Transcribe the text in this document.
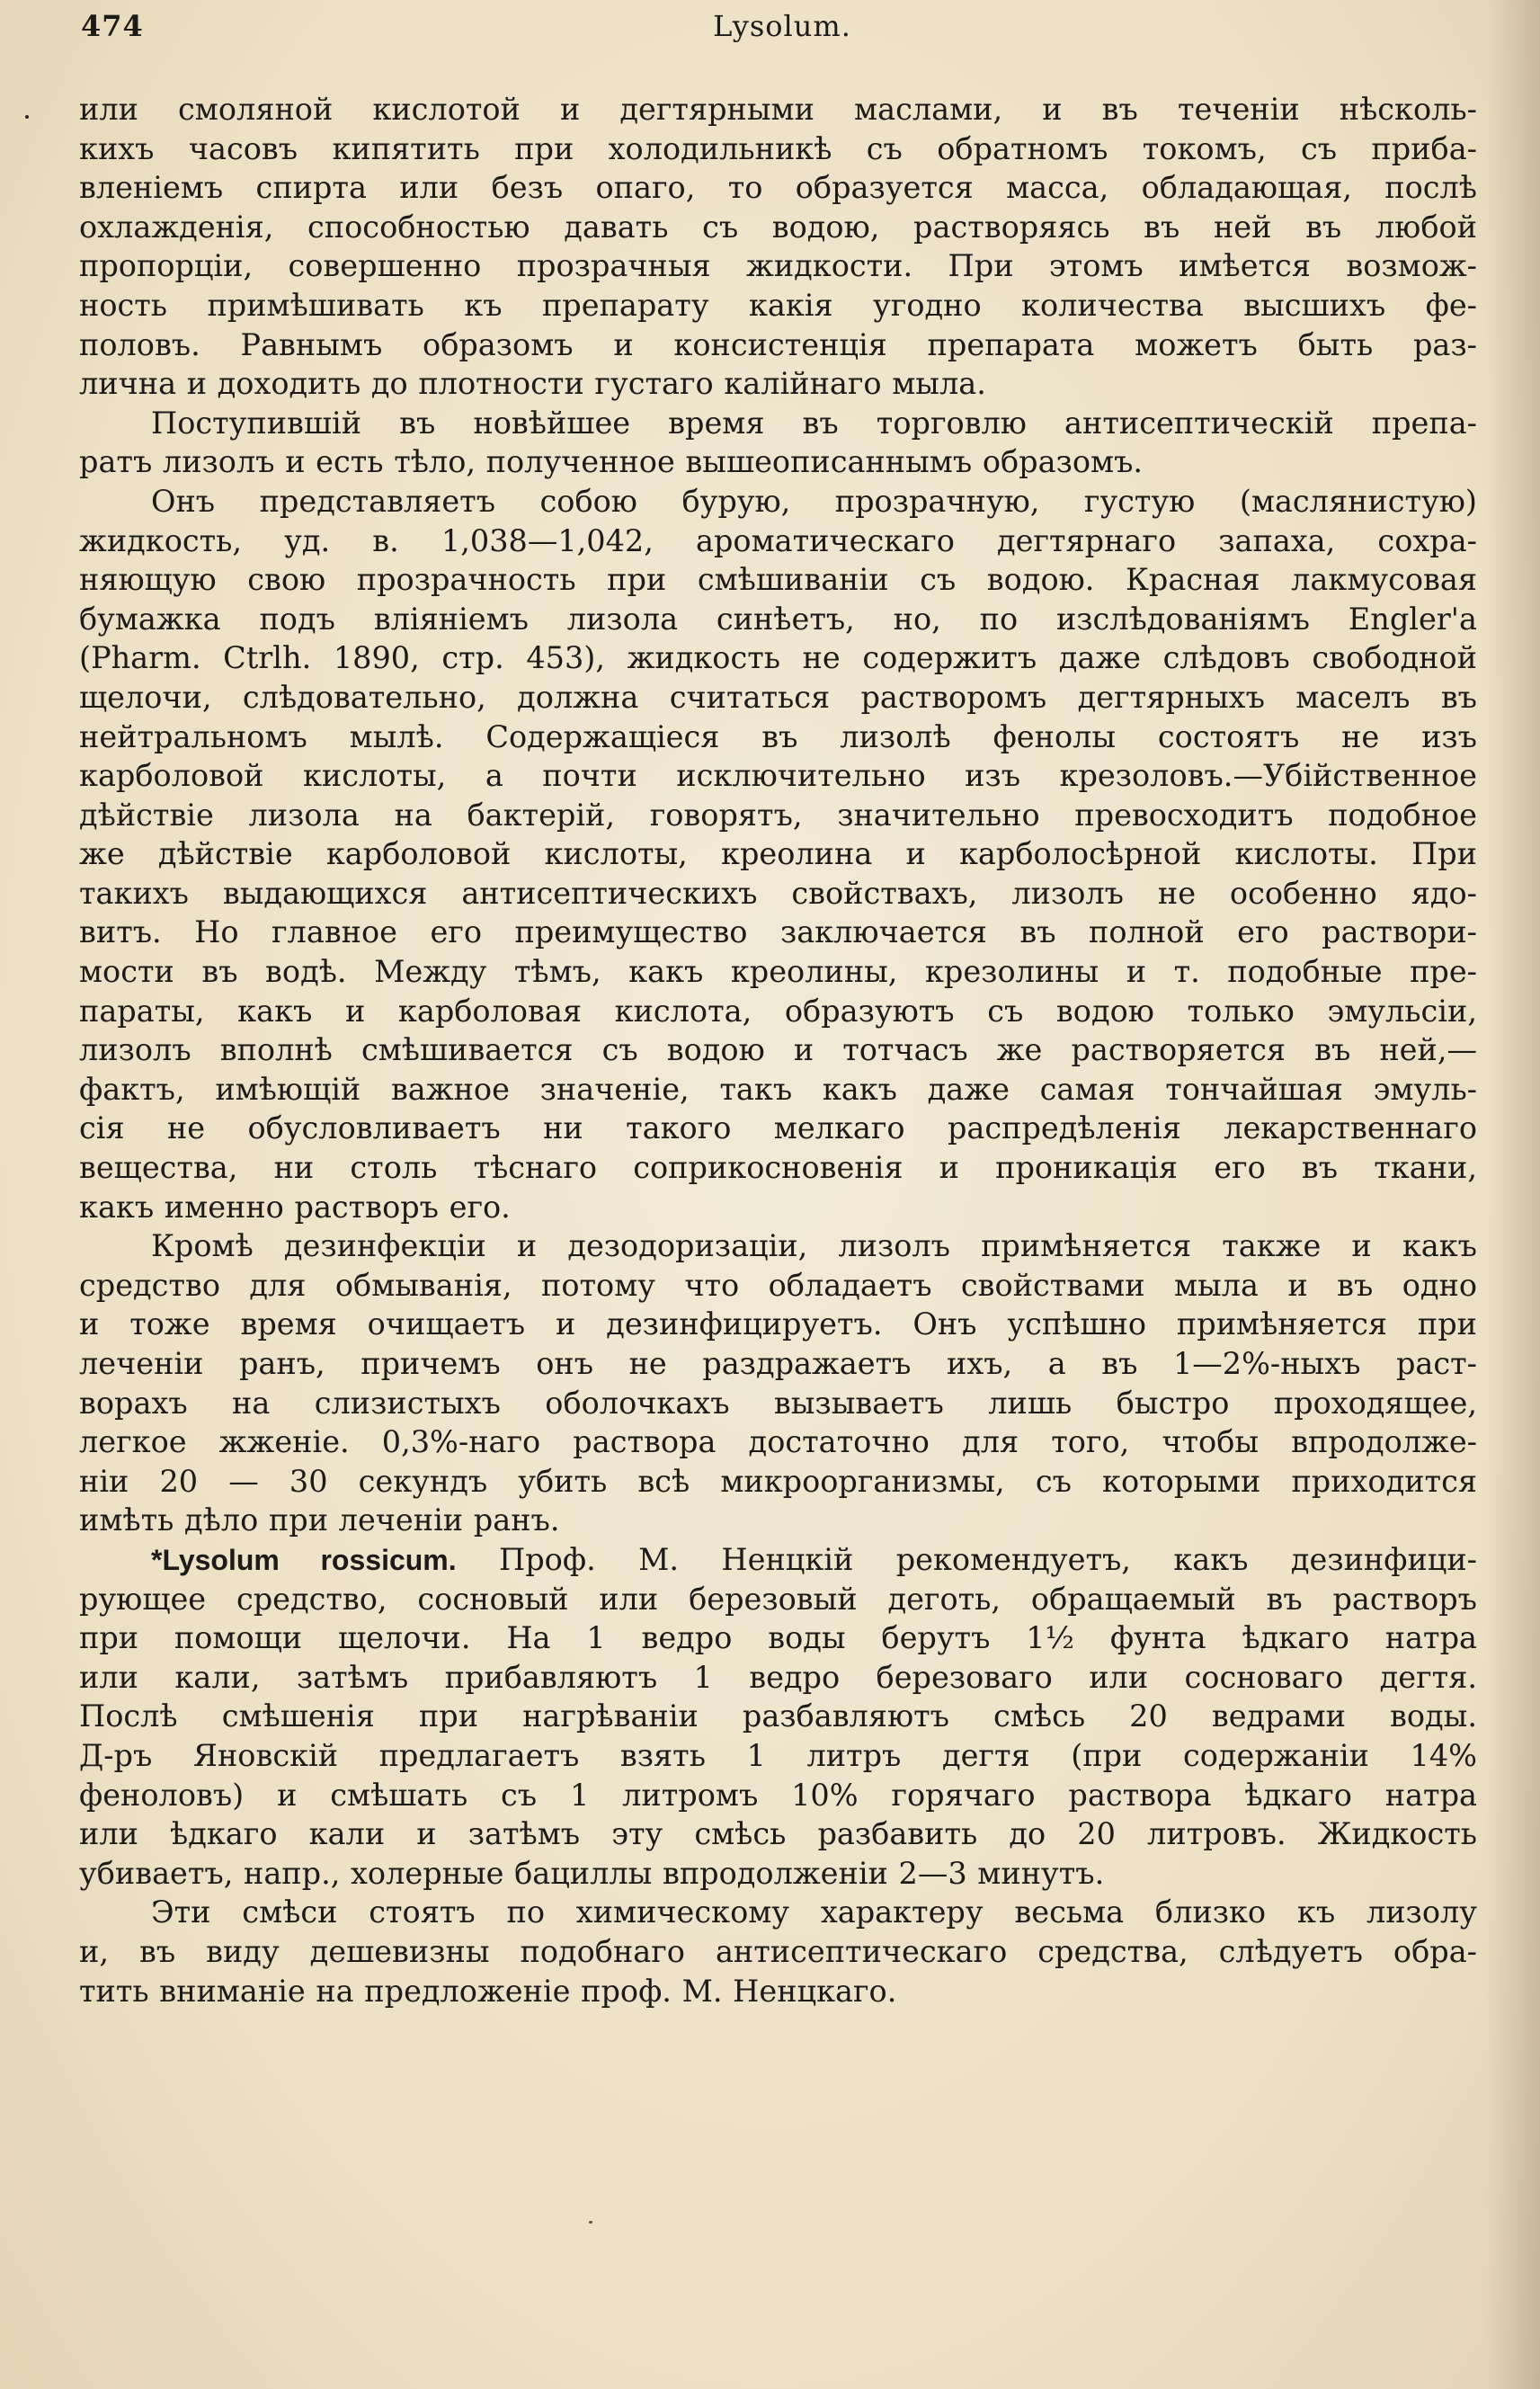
474	Lysolum.
или смоляной кислотой и дегтярными маслами, и въ теченіи нѣсколь-
кихъ часовъ кипятить при холодильникѣ съ обратномъ токомъ, съ приба-
вленіемъ спирта или безъ опаго, то образуется масса, обладающая, послѣ
охлажденія, способностью давать съ водою, растворяясь въ ней въ любой
пропорціи, совершенно прозрачныя жидкости. При этомъ имѣется возмож-
ность примѣшивать къ препарату какія угодно количества высшихъ фе-
половъ. Равнымъ образомъ и консистенція препарата можетъ быть раз-
лична и доходить до плотности густаго калійнаго мыла.
Поступившій въ новѣйшее время въ торговлю антисептическій препа-
ратъ лизолъ и есть тѣло, полученное вышеописаннымъ образомъ.
Онъ представляетъ собою бурую, прозрачную, густую (маслянистую)
жидкость, уд. в. 1,038—1,042, ароматическаго дегтярнаго запаха, сохра-
няющую свою прозрачность при смѣшиваніи съ водою. Красная лакмусовая
бумажка подъ вліяніемъ лизола синѣетъ, но, по изслѣдованіямъ Engler'a
(Pharm. Ctrlh. 1890, стр. 453), жидкость не содержитъ даже слѣдовъ свободной
щелочи, слѣдовательно, должна считаться растворомъ дегтярныхъ маселъ въ
нейтральномъ мылѣ. Содержащіеся въ лизолѣ фенолы состоятъ не изъ
карболовой кислоты, а почти исключительно изъ крезоловъ.—Убійственное
дѣйствіе лизола на бактерій, говорятъ, значительно превосходитъ подобное
же дѣйствіе карболовой кислоты, креолина и карболосѣрной кислоты. При
такихъ выдающихся антисептическихъ свойствахъ, лизолъ не особенно ядо-
витъ. Но главное его преимущество заключается въ полной его раствори-
мости въ водѣ. Между тѣмъ, какъ креолины, крезолины и т. подобные пре-
параты, какъ и карболовая кислота, образуютъ съ водою только эмульсіи,
лизолъ вполнѣ смѣшивается съ водою и тотчасъ же растворяется въ ней,—
фактъ, имѣющій важное значеніе, такъ какъ даже самая тончайшая эмуль-
сія не обусловливаетъ ни такого мелкаго распредѣленія лекарственнаго
вещества, ни столь тѣснаго соприкосновенія и проникація его въ ткани,
какъ именно растворъ его.
Кромѣ дезинфекціи и дезодоризаціи, лизолъ примѣняется также и какъ
средство для обмыванія, потому что обладаетъ свойствами мыла и въ одно
и тоже время очищаетъ и дезинфицируетъ. Онъ успѣшно примѣняется при
леченіи ранъ, причемъ онъ не раздражаетъ ихъ, а въ 1—2%-ныхъ раст-
ворахъ на слизистыхъ оболочкахъ вызываетъ лишь быстро проходящее,
легкое жженіе. 0,3%-наго раствора достаточно для того, чтобы впродолже-
ніи 20 — 30 секундъ убить всѣ микроорганизмы, съ которыми приходится
имѣть дѣло при леченіи ранъ.
*Lysolum rossicum. Проф. М. Ненцкій рекомендуетъ, какъ дезинфици-
рующее средство, сосновый или березовый деготь, обращаемый въ растворъ
при помощи щелочи. На 1 ведро воды берутъ 1½ фунта ѣдкаго натра
или кали, затѣмъ прибавляютъ 1 ведро березоваго или сосноваго дегтя.
Послѣ смѣшенія при нагрѣваніи разбавляютъ смѣсь 20 ведрами воды.
Д-ръ Яновскій предлагаетъ взять 1 литръ дегтя (при содержаніи 14%
феноловъ) и смѣшать съ 1 литромъ 10% горячаго раствора ѣдкаго натра
или ѣдкаго кали и затѣмъ эту смѣсь разбавить до 20 литровъ. Жидкость
убиваетъ, напр., холерные бациллы впродолженіи 2—3 минутъ.
Эти смѣси стоятъ по химическому характеру весьма близко къ лизолу
и, въ виду дешевизны подобнаго антисептическаго средства, слѣдуетъ обра-
тить вниманіе на предложеніе проф. М. Ненцкаго.
